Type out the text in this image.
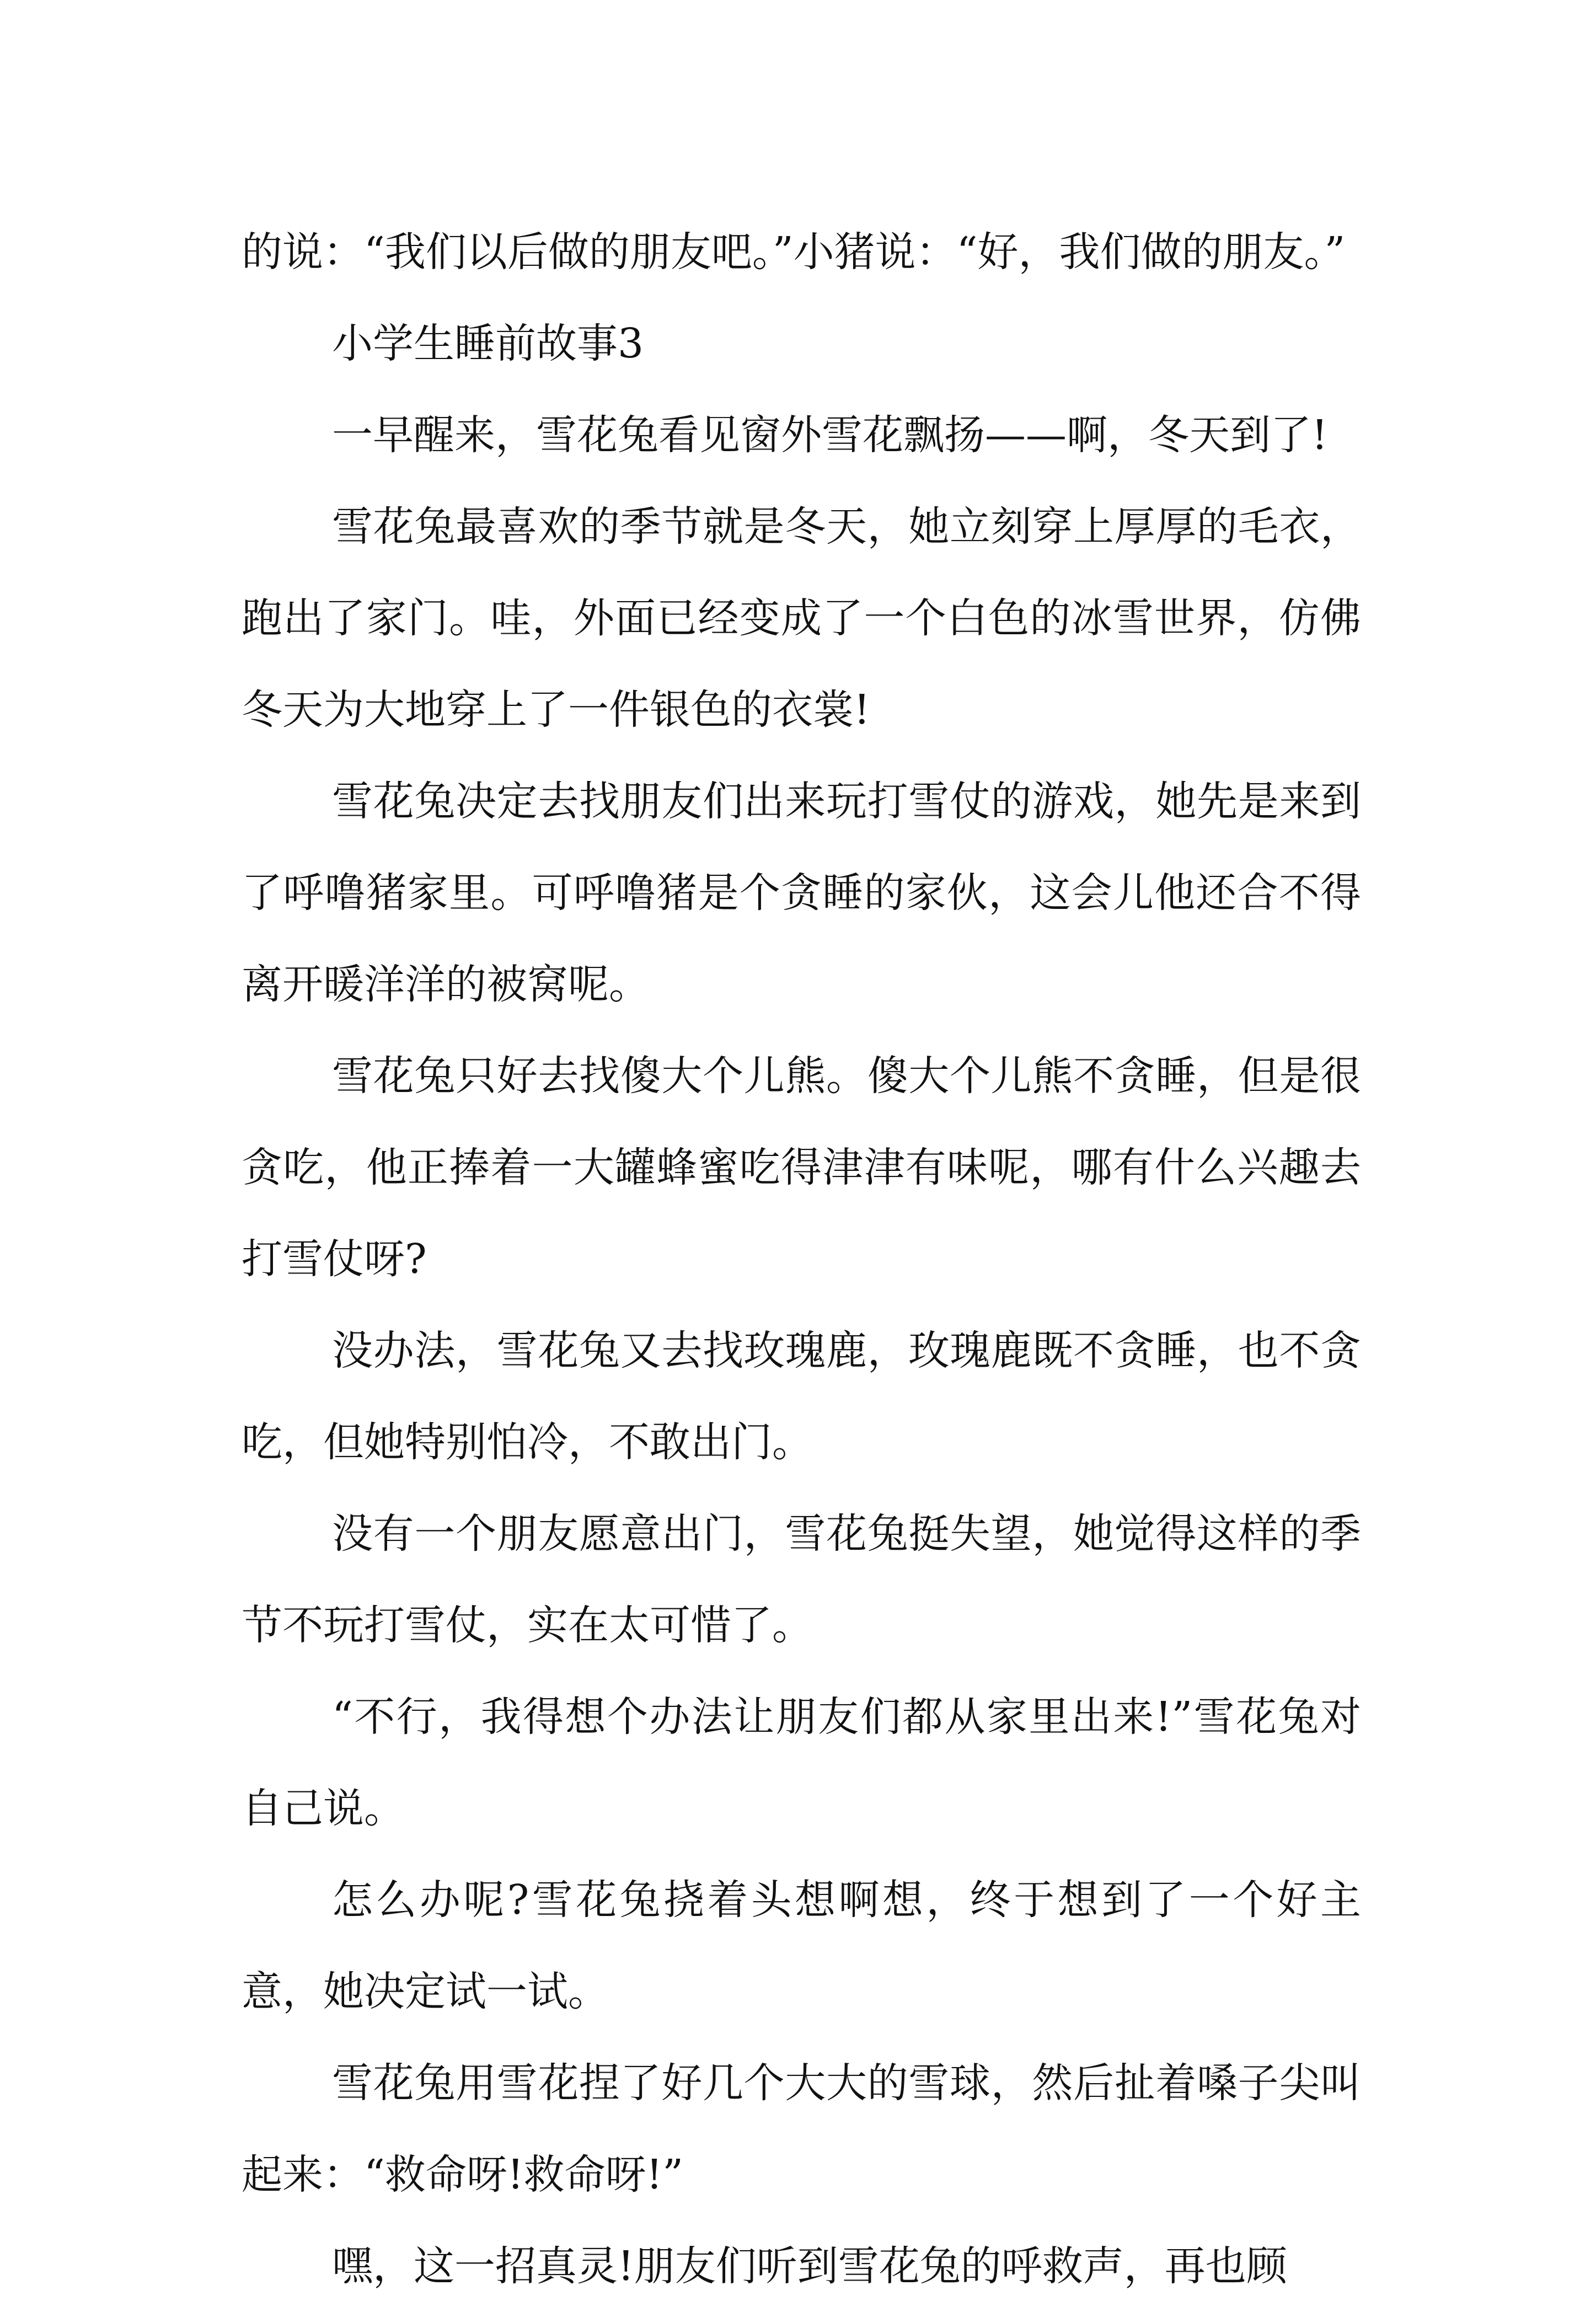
的说：“我们以后做的朋友吧。”小猪说：“好，我们做的朋友。”

小学生睡前故事3

一早醒来，雪花兔看见窗外雪花飘扬——啊，冬天到了!

雪花兔最喜欢的季节就是冬天，她立刻穿上厚厚的毛衣，跑出了家门。哇，外面已经变成了一个白色的冰雪世界，仿佛冬天为大地穿上了一件银色的衣裳!

雪花兔决定去找朋友们出来玩打雪仗的游戏，她先是来到了呼噜猪家里。可呼噜猪是个贪睡的家伙，这会儿他还合不得离开暖洋洋的被窝呢。

雪花兔只好去找傻大个儿熊。傻大个儿熊不贪睡，但是很贪吃，他正捧着一大罐蜂蜜吃得津津有味呢，哪有什么兴趣去打雪仗呀?

没办法，雪花兔又去找玫瑰鹿，玫瑰鹿既不贪睡，也不贪吃，但她特别怕冷，不敢出门。

没有一个朋友愿意出门，雪花兔挺失望，她觉得这样的季节不玩打雪仗，实在太可惜了。

“不行，我得想个办法让朋友们都从家里出来!”雪花兔对自己说。

怎么办呢?雪花兔挠着头想啊想，终于想到了一个好主意，她决定试一试。

雪花兔用雪花捏了好几个大大的雪球，然后扯着嗓子尖叫起来：“救命呀!救命呀!”

嘿，这一招真灵!朋友们听到雪花兔的呼救声，再也顾
